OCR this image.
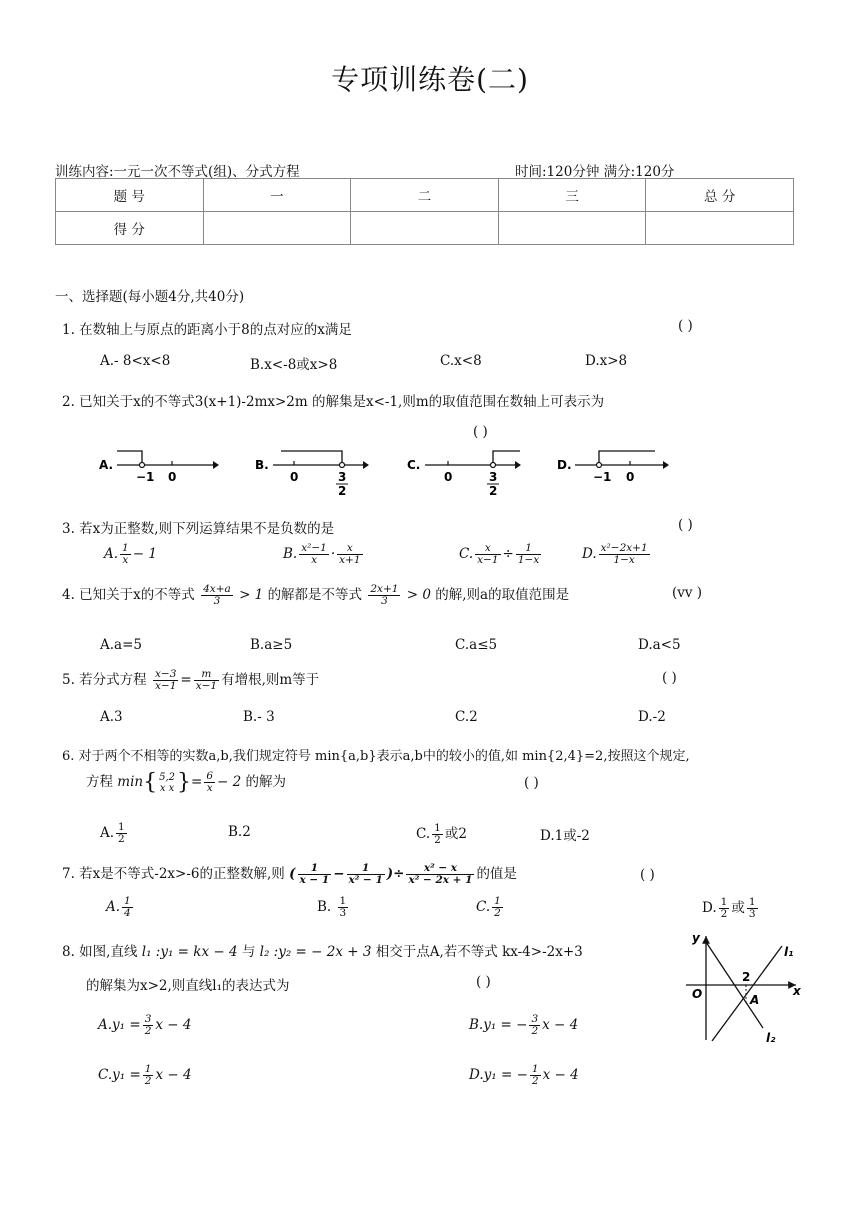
专项训练卷(二)
训练内容:一元一次不等式(组)、分式方程	时间:120分钟 满分:120分
题 号	一	二	三	总 分
得 分				
一、选择题(每小题4分,共40分)
1. 在数轴上与原点的距离小于8的点对应的x满足	( )
A.- 8<x<8	B.x<-8或x>8	C.x<8	D.x>8
2. 已知关于x的不等式3(x+1)-2mx>2m 的解集是x<-1,则m的取值范围在数轴上可表示为
( )
A.
−1 0
B.
0	3
2
C.
0	3
2
D.
−1 0
3. 若x为正整数,则下列运算结果不是负数的是	( )
A. $\frac{1}{x} - 1$	B. $\frac{\text{x²−1}}{x} \cdot \frac{x}{x+1}$	C. $\frac{x}{x-1} \div \frac{1}{1-x}$	D. $\frac{\text{x²−2x+1}}{1-x}$
4. 已知关于x的不等式 $\frac{4x+a}{3} > 1$ 的解都是不等式 $\frac{2x+1}{3} > 0$ 的解,则a的取值范围是	(vv )
A.a=5	B.a≥5	C.a≤5	D.a<5
5. 若分式方程 $\frac{x-3}{x-1} = \frac{m}{x-1}$ 有增根,则m等于	( )
A.3	B.- 3	C.2	D.-2
6. 对于两个不相等的实数a,b,我们规定符号 min{a,b}表示a,b中的较小的值,如 min{2,4}=2,按照这个规定,
方程 min{ 5,2
x x }= $\frac{6}{x} - 2$ 的解为	( )
A. $\frac{1}{2}$	B.2	C. $\frac{1}{2}$ 或2	D.1或-2
7. 若x是不等式-2x>-6的正整数解,则 ( $\frac{1}{x - 1} - \frac{1}{\text{x² − 1}}$ )÷ $\frac{\text{x² − x}}{\text{x² − 2x + 1}}$ 的值是	( )
A. $\frac{1}{4}$	B. $\frac{1}{3}$	C. $\frac{1}{2}$	D. $\frac{1}{2}$ 或 $\frac{1}{3}$
8. 如图,直线 l₁ :y₁ = kx − 4 与 l₂ :y₂ = − 2x + 3 相交于点A,若不等式 kx-4>-2x+3
的解集为x>2,则直线l₁的表达式为	( )
$A.y_1 = \frac{3}{2}$ x − 4	B.y₁ = − $\frac{3}{2}$ x − 4
$C.y_1 = \frac{1}{2}$ x − 4	D.y₁ = − $\frac{1}{2}$ x − 4
y
x
O
2
A
l₁
l₂
